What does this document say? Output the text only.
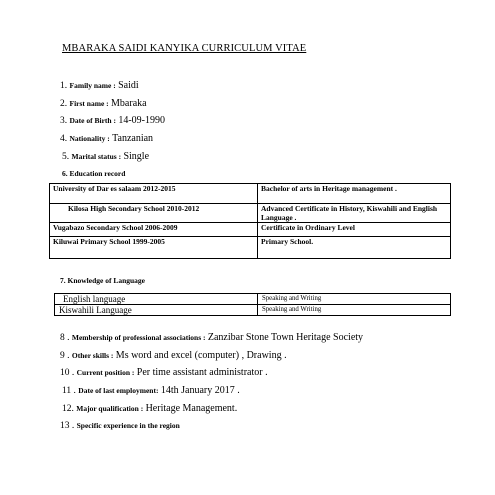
MBARAKA SAIDI KANYIKA CURRICULUM VITAE
1. Family name : Saidi
2. First name : Mbaraka
3. Date of Birth : 14-09-1990
4. Nationality : Tanzanian
5. Marital status : Single
6. Education record
University of Dar es salaam 2012-2015	Bachelor of arts in Heritage management .
Kilosa High Secondary School 2010-2012	Advanced Certificate in History, Kiswahili and English Language .
Vugabazo Secondary School 2006-2009	Certificate in Ordinary Level
Kiluwai Primary School 1999-2005	Primary School.
7. Knowledge of Language
English language	Speaking and Writing
Kiswahili Language	Speaking and Writing
8 . Membership of professional associations : Zanzibar Stone Town Heritage Society
9 . Other skills : Ms word and excel (computer) , Drawing .
10 . Current position : Per time assistant administrator .
11 . Date of last employment: 14th January 2017 .
12. Major qualification : Heritage Management.
13 . Specific experience in the region
